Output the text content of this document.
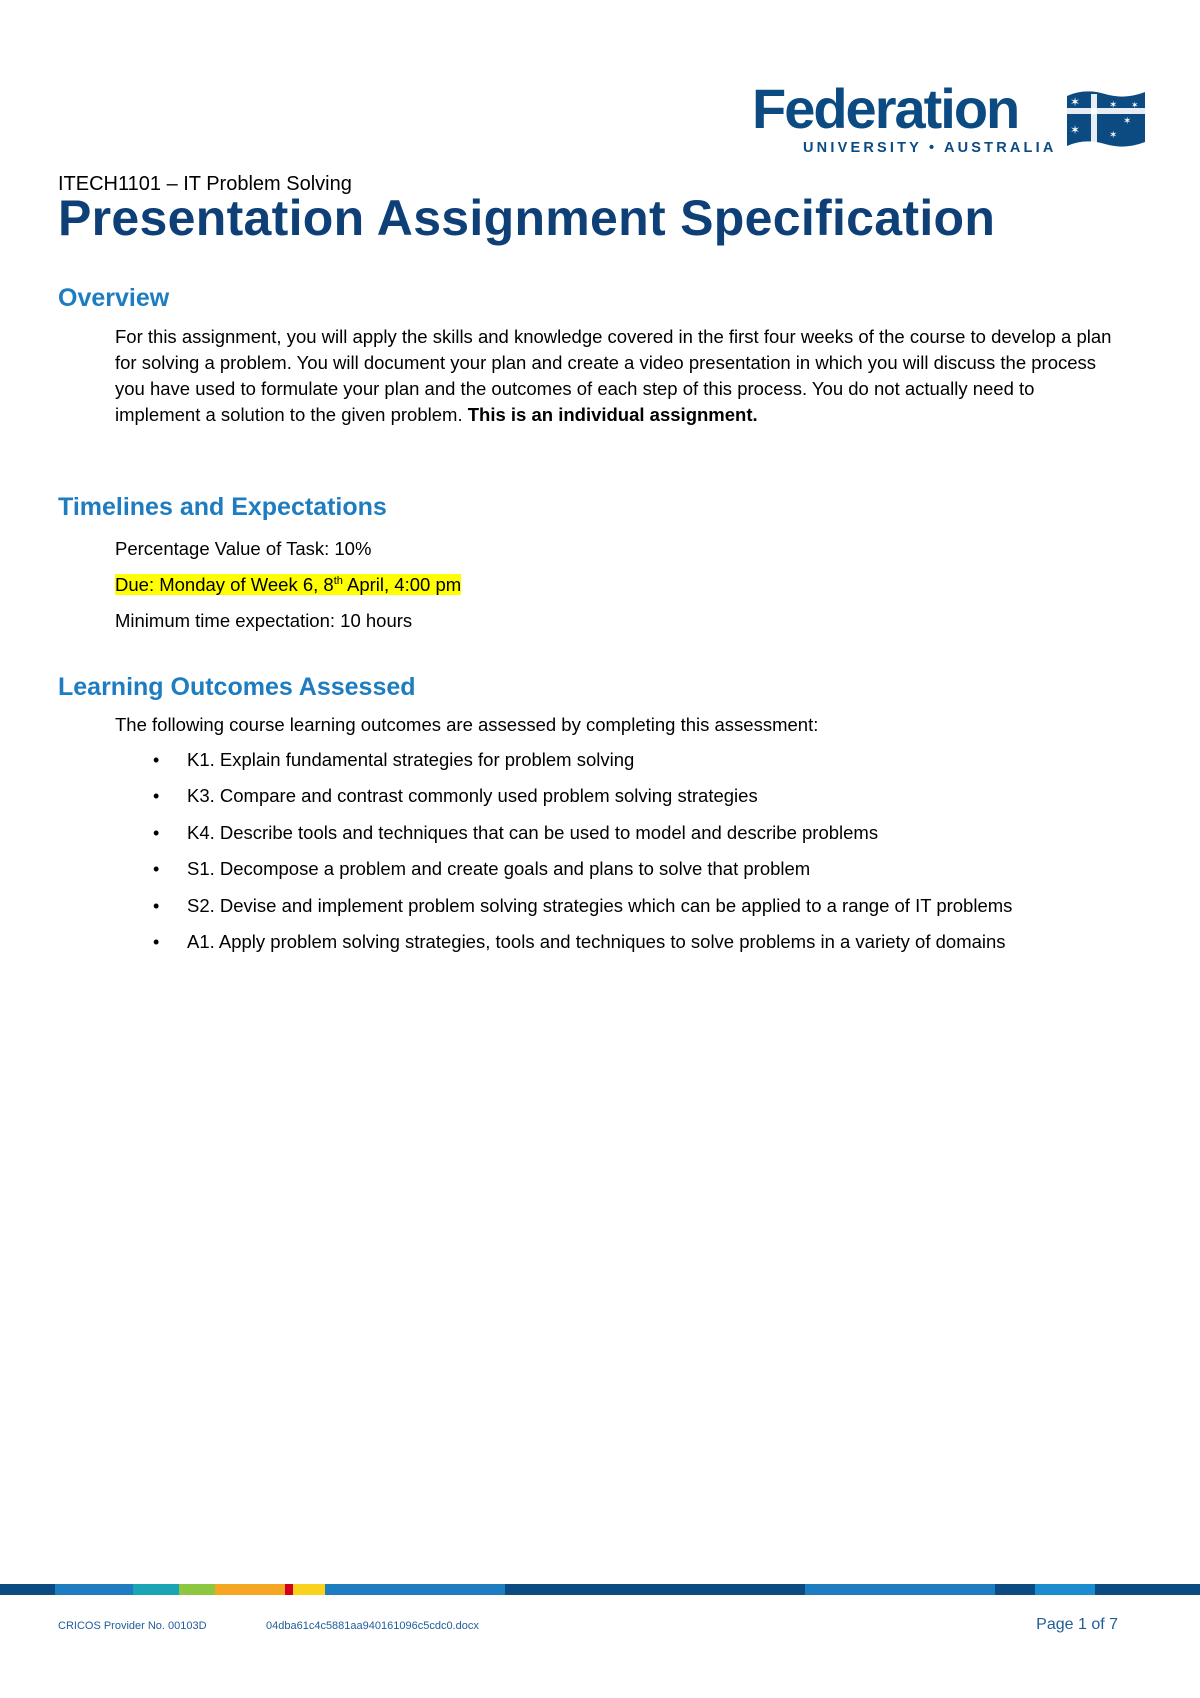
Federation
UNIVERSITY • AUSTRALIA
✶
✶
✶
✶
✶
✶
ITECH1101 – IT Problem Solving
Presentation Assignment Specification
Overview

For this assignment, you will apply the skills and knowledge covered in the first four weeks of the course to develop a plan for solving a problem. You will document your plan and create a video presentation in which you will discuss the process you have used to formulate your plan and the outcomes of each step of this process. You do not actually need to implement a solution to the given problem. This is an individual assignment.

Timelines and Expectations

Percentage Value of Task: 10%

Due: Monday of Week 6, 8th April, 4:00 pm

Minimum time expectation: 10 hours

Learning Outcomes Assessed

The following course learning outcomes are assessed by completing this assessment:

• K1. Explain fundamental strategies for problem solving
• K3. Compare and contrast commonly used problem solving strategies
• K4. Describe tools and techniques that can be used to model and describe problems
• S1. Decompose a problem and create goals and plans to solve that problem
• S2. Devise and implement problem solving strategies which can be applied to a range of IT problems
• A1. Apply problem solving strategies, tools and techniques to solve problems in a variety of domains
CRICOS Provider No. 00103D	04dba61c4c5881aa940161096c5cdc0.docx	Page 1 of 7
